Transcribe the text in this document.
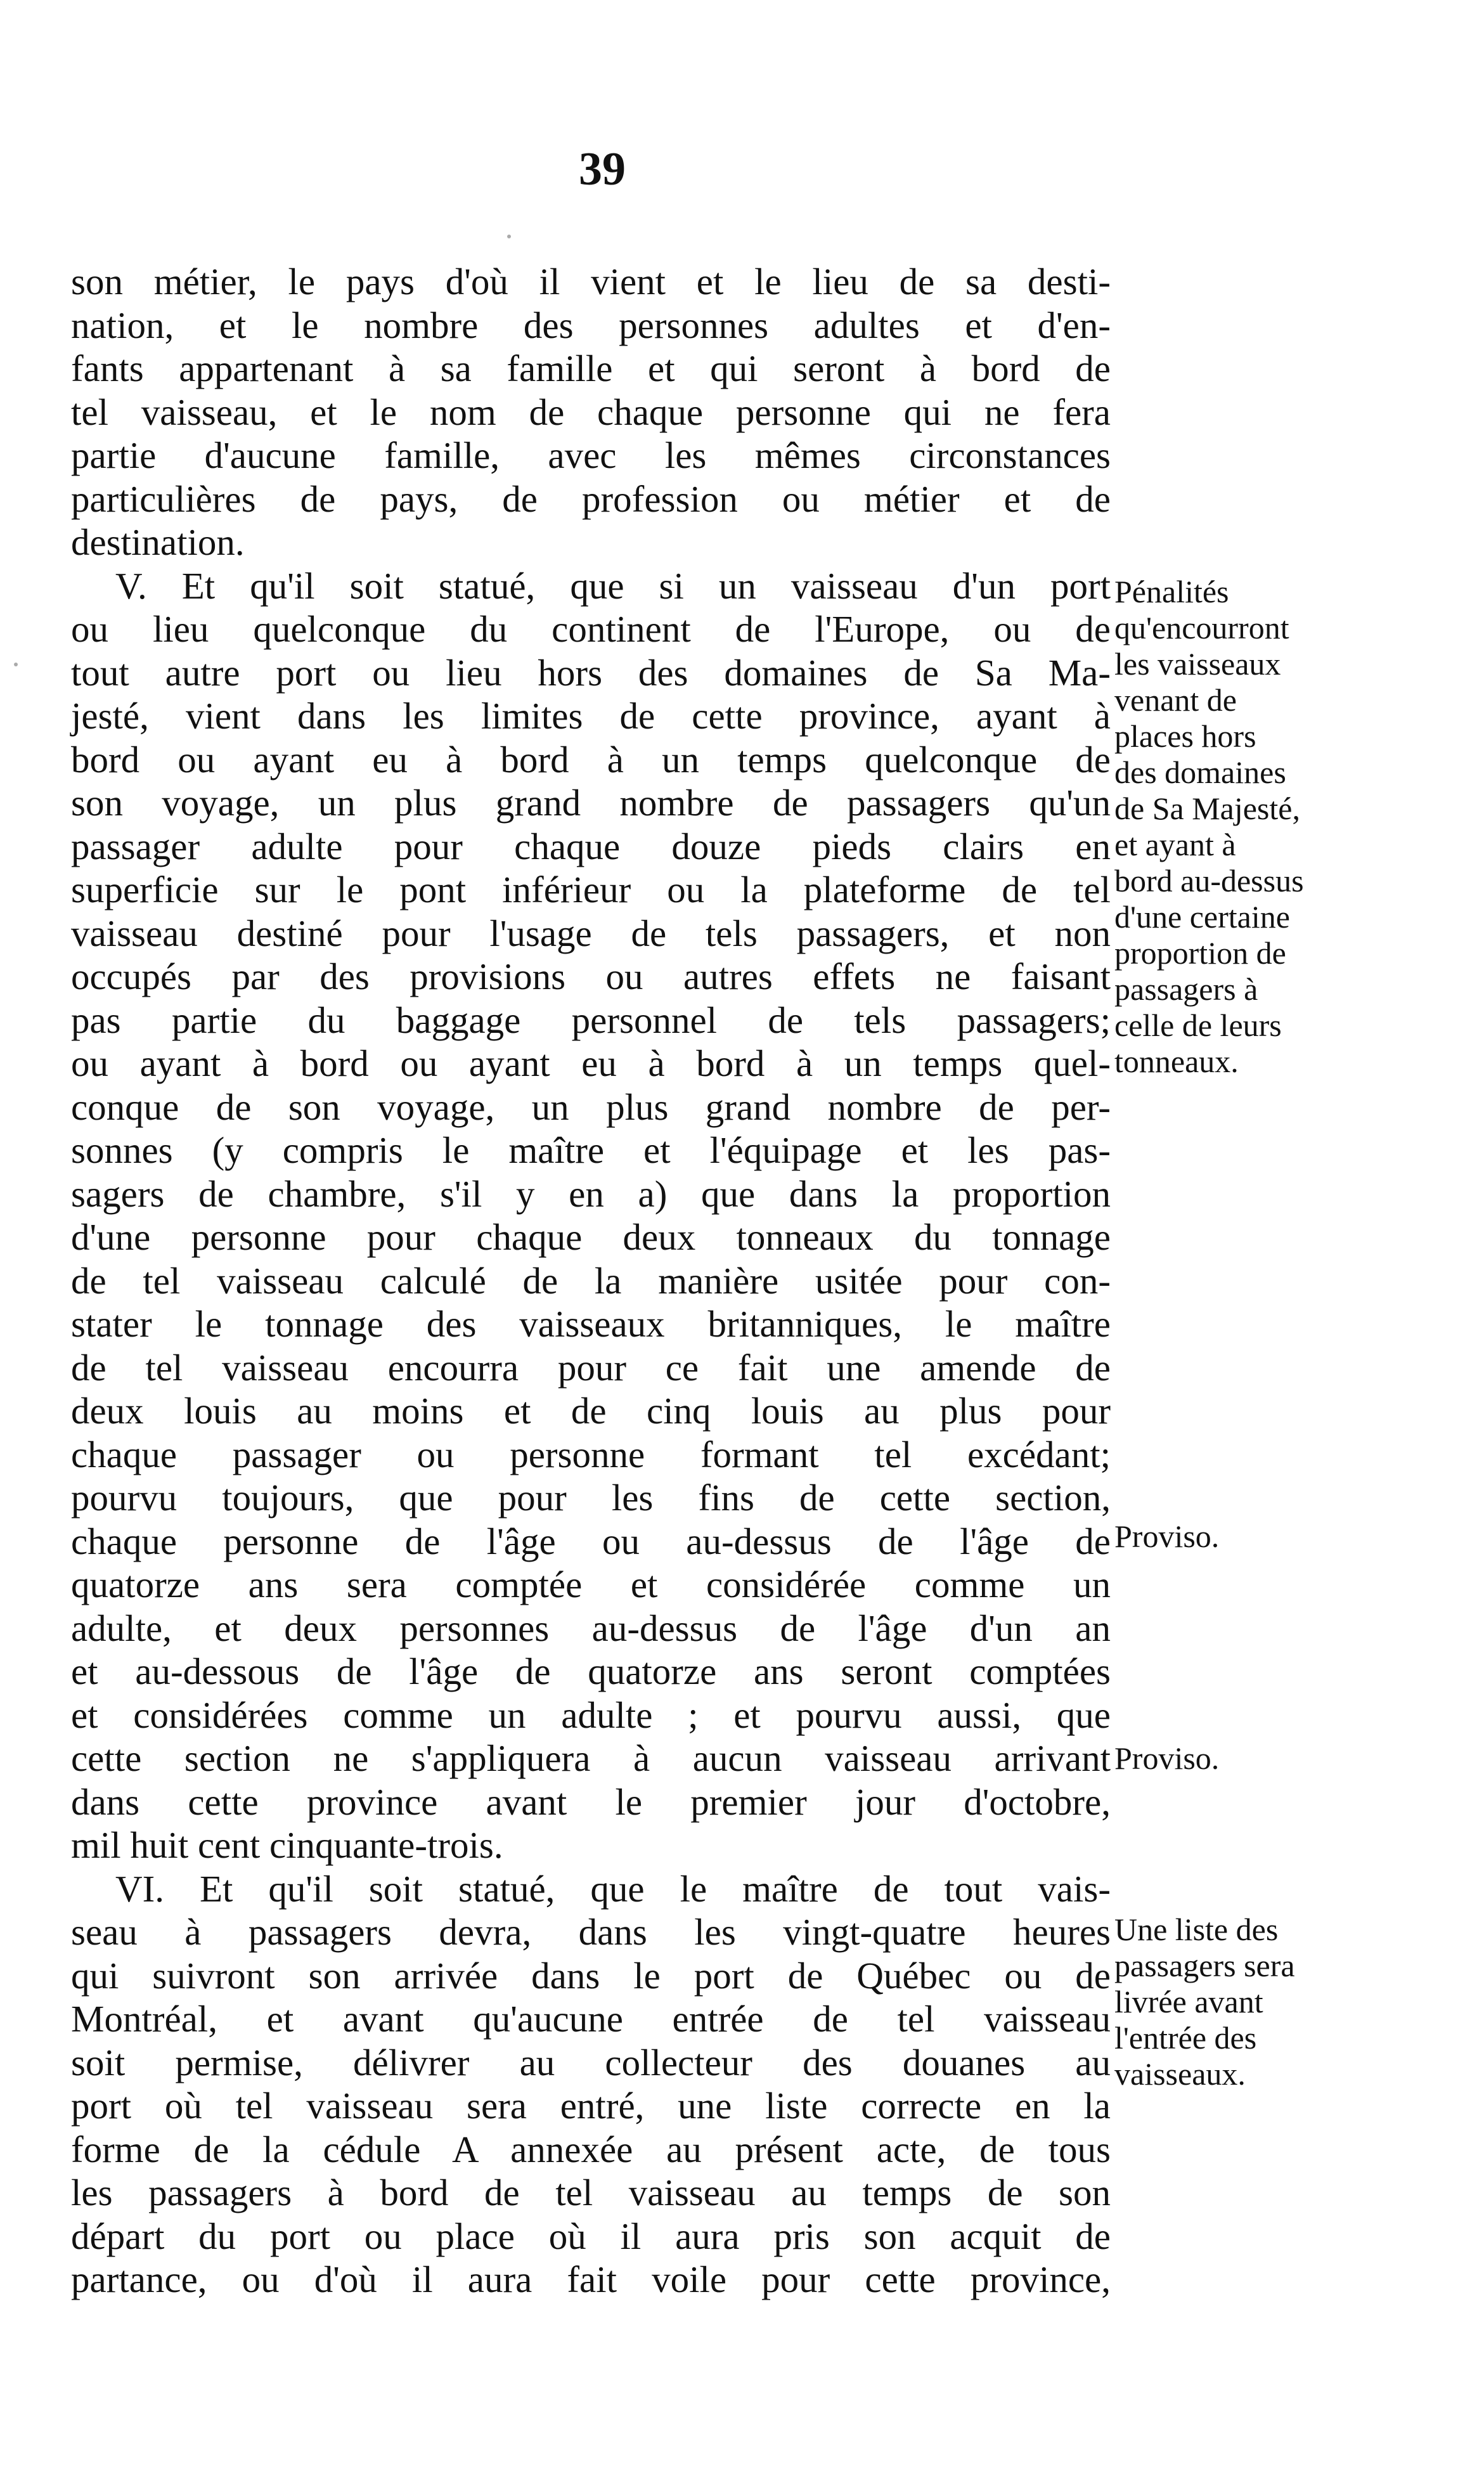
39
son métier, le pays d'où il vient et le lieu de sa desti-
nation, et le nombre des personnes adultes et d'en-
fants appartenant à sa famille et qui seront à bord de
tel vaisseau, et le nom de chaque personne qui ne fera
partie d'aucune famille, avec les mêmes circonstances
particulières de pays, de profession ou métier et de
destination.
V. Et qu'il soit statué, que si un vaisseau d'un port
ou lieu quelconque du continent de l'Europe, ou de
tout autre port ou lieu hors des domaines de Sa Ma-
jesté, vient dans les limites de cette province, ayant à
bord ou ayant eu à bord à un temps quelconque de
son voyage, un plus grand nombre de passagers qu'un
passager adulte pour chaque douze pieds clairs en
superficie sur le pont inférieur ou la plateforme de tel
vaisseau destiné pour l'usage de tels passagers, et non
occupés par des provisions ou autres effets ne faisant
pas partie du baggage personnel de tels passagers;
ou ayant à bord ou ayant eu à bord à un temps quel-
conque de son voyage, un plus grand nombre de per-
sonnes (y compris le maître et l'équipage et les pas-
sagers de chambre, s'il y en a) que dans la proportion
d'une personne pour chaque deux tonneaux du tonnage
de tel vaisseau calculé de la manière usitée pour con-
stater le tonnage des vaisseaux britanniques, le maître
de tel vaisseau encourra pour ce fait une amende de
deux louis au moins et de cinq louis au plus pour
chaque passager ou personne formant tel excédant;
pourvu toujours, que pour les fins de cette section,
chaque personne de l'âge ou au-dessus de l'âge de
quatorze ans sera comptée et considérée comme un
adulte, et deux personnes au-dessus de l'âge d'un an
et au-dessous de l'âge de quatorze ans seront comptées
et considérées comme un adulte ; et pourvu aussi, que
cette section ne s'appliquera à aucun vaisseau arrivant
dans cette province avant le premier jour d'octobre,
mil huit cent cinquante-trois.
VI. Et qu'il soit statué, que le maître de tout vais-
seau à passagers devra, dans les vingt-quatre heures
qui suivront son arrivée dans le port de Québec ou de
Montréal, et avant qu'aucune entrée de tel vaisseau
soit permise, délivrer au collecteur des douanes au
port où tel vaisseau sera entré, une liste correcte en la
forme de la cédule A annexée au présent acte, de tous
les passagers à bord de tel vaisseau au temps de son
départ du port ou place où il aura pris son acquit de
partance, ou d'où il aura fait voile pour cette province,
Pénalités
qu'encourront
les vaisseaux
venant de
places hors
des domaines
de Sa Majesté,
et ayant à
bord au-dessus
d'une certaine
proportion de
passagers à
celle de leurs
tonneaux.
Proviso.
Proviso.
Une liste des
passagers sera
livrée avant
l'entrée des
vaisseaux.
